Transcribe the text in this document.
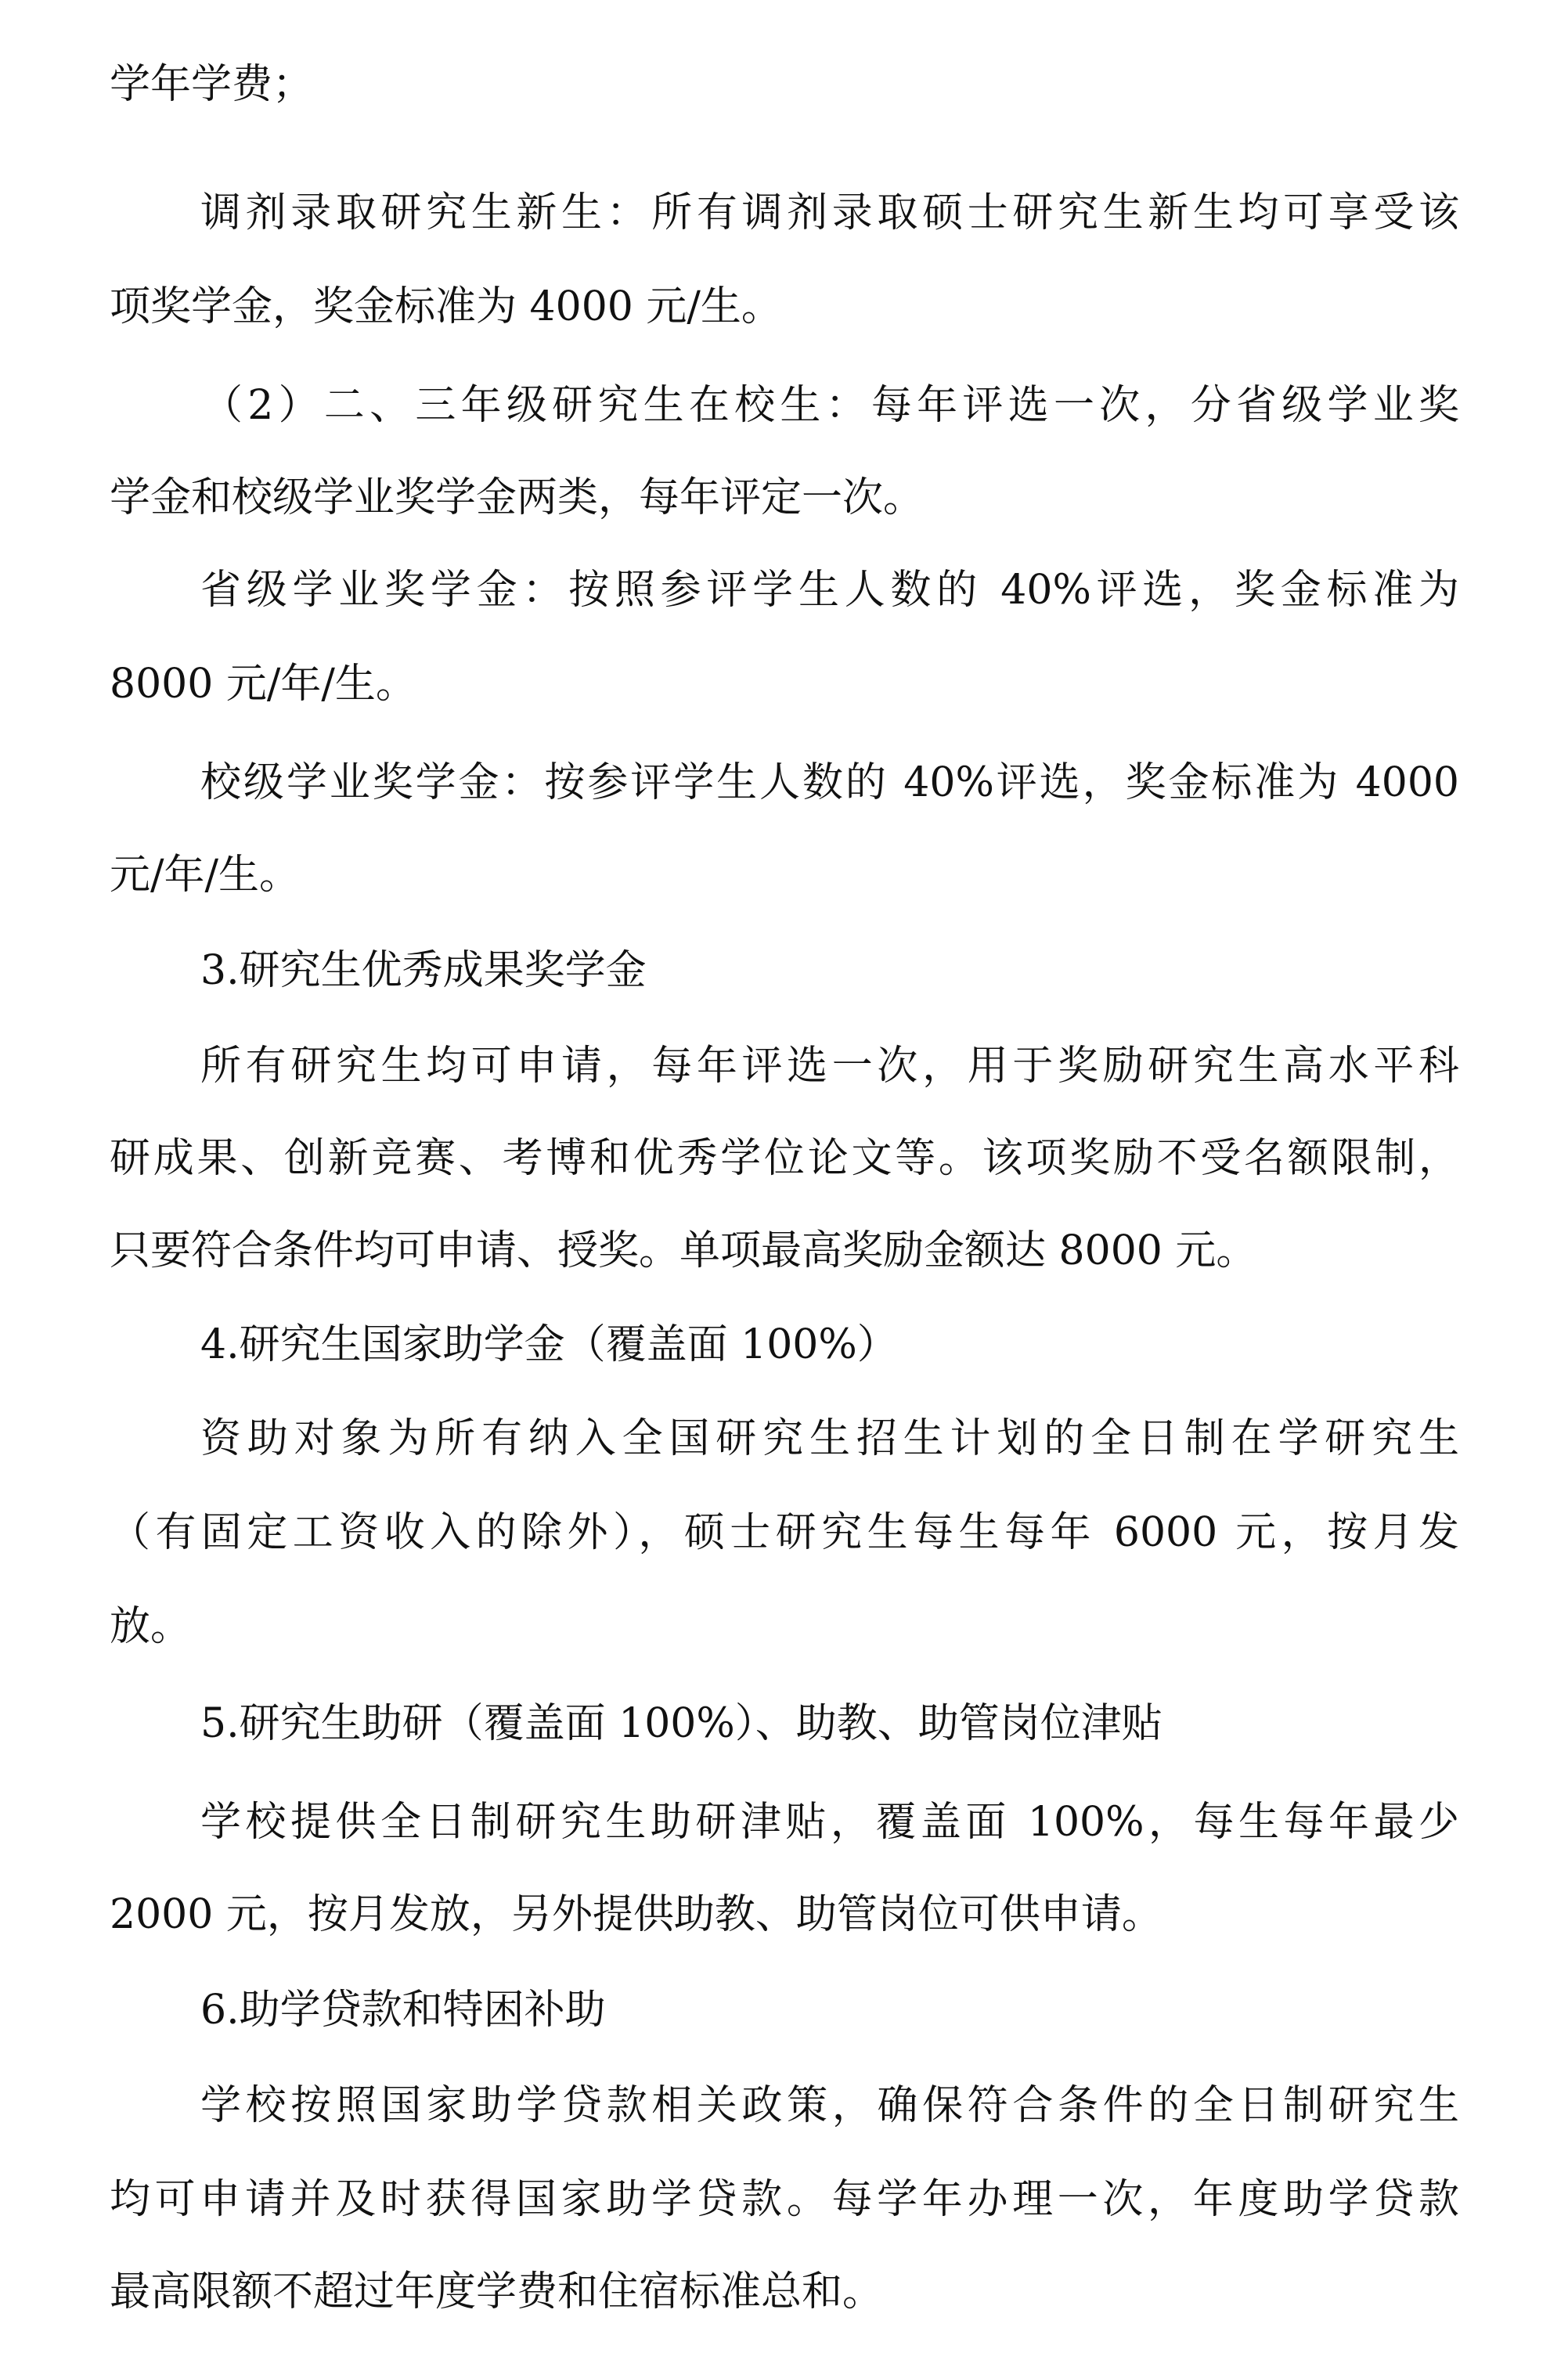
学年学费；
调剂录取研究生新生：所有调剂录取硕士研究生新生均可享受该
项奖学金，奖金标准为 4000 元/生。
（2）二、三年级研究生在校生：每年评选一次，分省级学业奖
学金和校级学业奖学金两类，每年评定一次。
省级学业奖学金：按照参评学生人数的 40%评选，奖金标准为
8000 元/年/生。
校级学业奖学金：按参评学生人数的 40%评选，奖金标准为 4000
元/年/生。
3.研究生优秀成果奖学金
所有研究生均可申请，每年评选一次，用于奖励研究生高水平科
研成果、创新竞赛、考博和优秀学位论文等。该项奖励不受名额限制，
只要符合条件均可申请、授奖。单项最高奖励金额达 8000 元。
4.研究生国家助学金（覆盖面 100%）
资助对象为所有纳入全国研究生招生计划的全日制在学研究生
（有固定工资收入的除外），硕士研究生每生每年 6000 元，按月发
放。
5.研究生助研（覆盖面 100%）、助教、助管岗位津贴
学校提供全日制研究生助研津贴，覆盖面 100%，每生每年最少
2000 元，按月发放，另外提供助教、助管岗位可供申请。
6.助学贷款和特困补助
学校按照国家助学贷款相关政策，确保符合条件的全日制研究生
均可申请并及时获得国家助学贷款。每学年办理一次，年度助学贷款
最高限额不超过年度学费和住宿标准总和。
